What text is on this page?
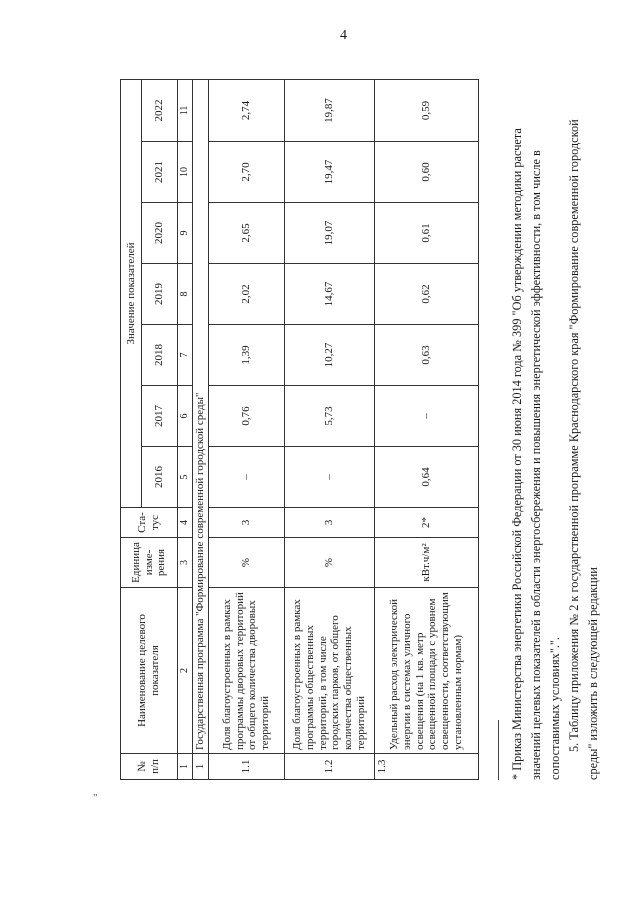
4
"
№ п/п	Наименование целевого показателя	Единица изме-рения	Ста-тус	Значение показателей						
				2016	2017	2018	2019	2020	2021	2022
1	2	3	4	5	6	7	8	9	10	11
1	Государственная программа "Формирование современной городской среды"									
1.1	Доля благоустроенных в рамках программы дворовых территорий от общего количества дворовых территорий	%	3	–	0,76	1,39	2,02	2,65	2,70	2,74
1.2	Доля благоустроенных в рамках программы общественных территорий, в том числе городских парков, от общего количества общественных территорий	%	3	–	5,73	10,27	14,67	19,07	19,47	19,87
1.3	Удельный расход электрической энергии в системах уличного освещения (на 1 кв. метр освещенной площади с уровнем освещенности, соответствующим установленным нормам)	кВт.ч/м²	2*	0,64	–	0,63	0,62	0,61	0,60	0,59

* Приказ Министерства энергетики Российской Федерации от 30 июня 2014 года № 399 "Об утверждении методики расчета значений целевых показателей в области энергосбережения и повышения энергетической эффективности, в том числе в сопоставимых условиях".". 5. Таблицу приложения № 2 к государственной программе Краснодарского края "Формирование современной городской среды" изложить в следующей редакции
